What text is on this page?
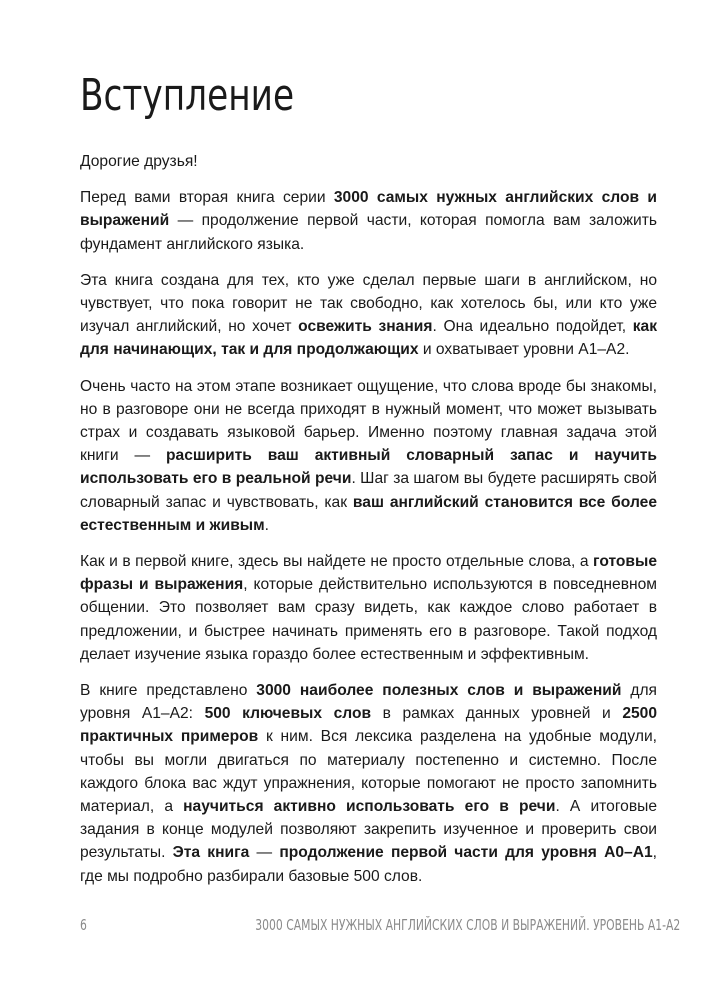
Вступление

Дорогие друзья!

Перед вами вторая книга серии 3000 самых нужных английских слов и выражений — продолжение первой части, которая помогла вам заложить фундамент английского языка.

Эта книга создана для тех, кто уже сделал первые шаги в английском, но чувствует, что пока говорит не так свободно, как хотелось бы, или кто уже изучал английский, но хочет освежить знания. Она идеально подойдет, как для начинающих, так и для продолжающих и охватывает уровни A1–A2.

Очень часто на этом этапе возникает ощущение, что слова вроде бы знакомы, но в разговоре они не всегда приходят в нужный момент, что может вызывать страх и создавать языковой барьер. Именно поэтому главная задача этой книги — расширить ваш активный словарный запас и научить использовать его в реальной речи. Шаг за шагом вы будете расширять свой словарный запас и чувствовать, как ваш английский становится все более естественным и живым.

Как и в первой книге, здесь вы найдете не просто отдельные слова, а готовые фразы и выражения, которые действительно используются в повседневном общении. Это позволяет вам сразу видеть, как каждое слово работает в предложении, и быстрее начинать применять его в разговоре. Такой подход делает изучение языка гораздо более естественным и эффективным.

В книге представлено 3000 наиболее полезных слов и выражений для уровня A1–A2: 500 ключевых слов в рамках данных уровней и 2500 практичных примеров к ним. Вся лексика разделена на удобные модули, чтобы вы могли двигаться по материалу постепенно и системно. После каждого блока вас ждут упражнения, которые помогают не просто запомнить материал, а научиться активно использовать его в речи. А итоговые задания в конце модулей позволяют закрепить изученное и проверить свои результаты. Эта книга — продолжение первой части для уровня A0–A1, где мы подробно разбирали базовые 500 слов.

6	3000 САМЫХ НУЖНЫХ АНГЛИЙСКИХ СЛОВ И ВЫРАЖЕНИЙ. УРОВЕНЬ А1-А2
